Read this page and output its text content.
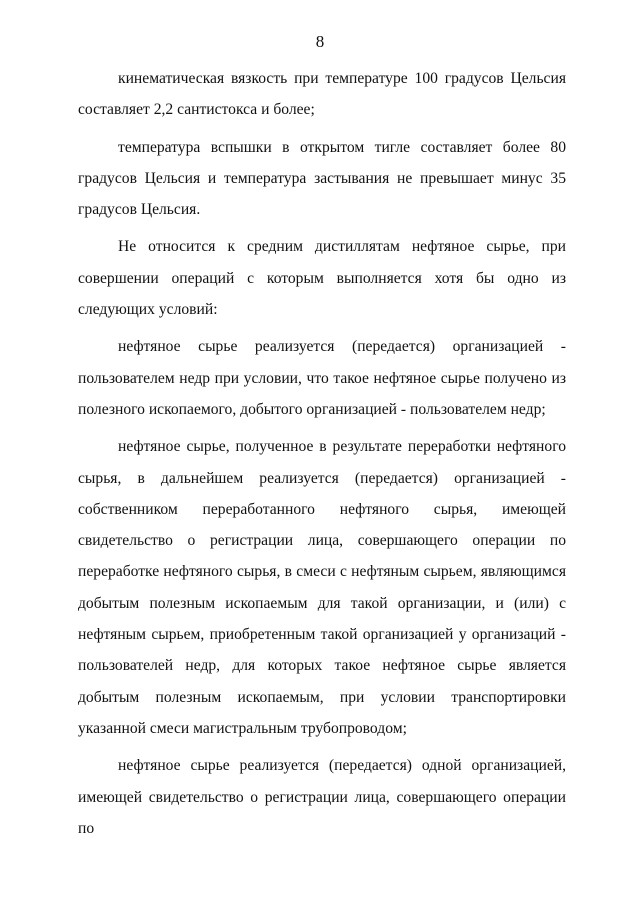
8

кинематическая вязкость при температуре 100 градусов Цельсия составляет 2,2 сантистокса и более;

температура вспышки в открытом тигле составляет более 80 градусов Цельсия и температура застывания не превышает минус 35 градусов Цельсия.

Не относится к средним дистиллятам нефтяное сырье, при совершении операций с которым выполняется хотя бы одно из следующих условий:

нефтяное сырье реализуется (передается) организацией - пользователем недр при условии, что такое нефтяное сырье получено из полезного ископаемого, добытого организацией - пользователем недр;

нефтяное сырье, полученное в результате переработки нефтяного сырья, в дальнейшем реализуется (передается) организацией - собственником переработанного нефтяного сырья, имеющей свидетельство о регистрации лица, совершающего операции по переработке нефтяного сырья, в смеси с нефтяным сырьем, являющимся добытым полезным ископаемым для такой организации, и (или) с нефтяным сырьем, приобретенным такой организацией у организаций - пользователей недр, для которых такое нефтяное сырье является добытым полезным ископаемым, при условии транспортировки указанной смеси магистральным трубопроводом;

нефтяное сырье реализуется (передается) одной организацией, имеющей свидетельство о регистрации лица, совершающего операции по
